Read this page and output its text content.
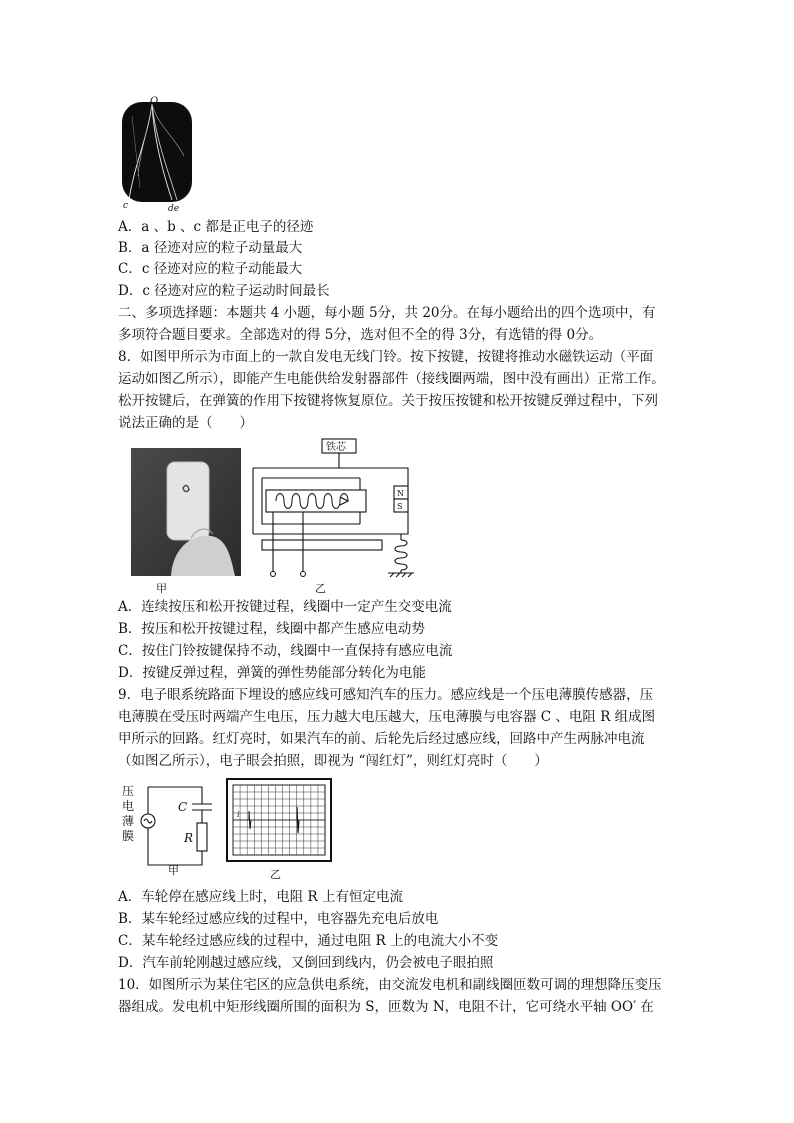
O
c	de
A．a 、b 、c 都是正电子的径迹
B．a 径迹对应的粒子动量最大
C．c 径迹对应的粒子动能最大
D．c 径迹对应的粒子运动时间最长
二、多项选择题：本题共 4 小题，每小题 5分，共 20分。在每小题给出的四个选项中，有
多项符合题目要求。全部选对的得 5分，选对但不全的得 3分，有选错的得 0分。
8．如图甲所示为市面上的一款自发电无线门铃。按下按键，按键将推动水磁铁运动（平面
运动如图乙所示），即能产生电能供给发射器部件（接线圈两端，图中没有画出）正常工作。
松开按键后，在弹簧的作用下按键将恢复原位。关于按压按键和松开按键反弹过程中，下列
说法正确的是（　　）
甲
铁芯
N
S
乙
A．连续按压和松开按键过程，线圈中一定产生交变电流
B．按压和松开按键过程，线圈中都产生感应电动势
C．按住门铃按键保持不动，线圈中一直保持有感应电流
D．按键反弹过程，弹簧的弹性势能部分转化为电能
9．电子眼系统路面下埋设的感应线可感知汽车的压力。感应线是一个压电薄膜传感器，压
电薄膜在受压时两端产生电压，压力越大电压越大，压电薄膜与电容器 C 、电阻 R 组成图
甲所示的回路。红灯亮时，如果汽车的前、后轮先后经过感应线，回路中产生两脉冲电流
（如图乙所示），电子眼会拍照，即视为 “闯红灯”，则红灯亮时（　　）
压
电
薄
膜
C
R
甲
i
乙
A．车轮停在感应线上时，电阻 R 上有恒定电流
B．某车轮经过感应线的过程中，电容器先充电后放电
C．某车轮经过感应线的过程中，通过电阻 R 上的电流大小不变
D．汽车前轮刚越过感应线，又倒回到线内，仍会被电子眼拍照
10．如图所示为某住宅区的应急供电系统，由交流发电机和副线圈匝数可调的理想降压变压
器组成。发电机中矩形线圈所围的面积为 S，匝数为 N，电阻不计，它可绕水平轴 OO′ 在
